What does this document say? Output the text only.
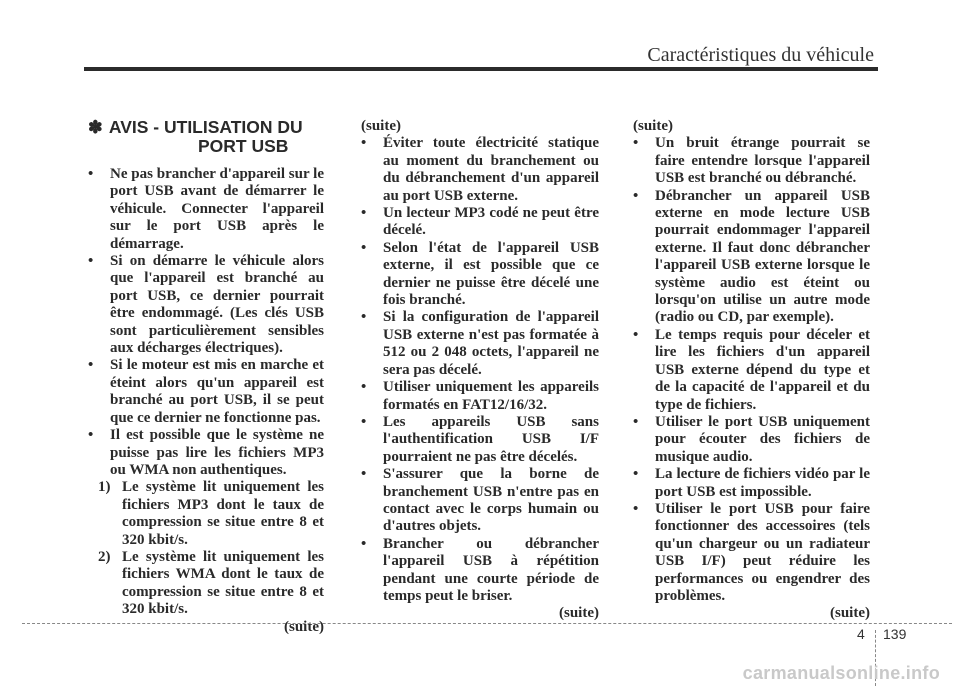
Caractéristiques du véhicule
✽ AVIS - UTILISATION DU
PORT USB
• Ne pas brancher d'appareil sur le port USB avant de démarrer le véhicule. Connecter l'appareil sur le port USB après le démarrage.
• Si on démarre le véhicule alors que l'appareil est branché au port USB, ce dernier pourrait être endommagé. (Les clés USB sont particulièrement sensibles aux décharges électriques).
• Si le moteur est mis en marche et éteint alors qu'un appareil est branché au port USB, il se peut que ce dernier ne fonctionne pas.
• Il est possible que le système ne puisse pas lire les fichiers MP3 ou WMA non authentiques.
1) Le système lit uniquement les fichiers MP3 dont le taux de compression se situe entre 8 et 320 kbit/s.
2) Le système lit uniquement les fichiers WMA dont le taux de compression se situe entre 8 et 320 kbit/s.
(suite)
(suite)
• Éviter toute électricité statique au moment du branchement ou du débranchement d'un appareil au port USB externe.
• Un lecteur MP3 codé ne peut être décelé.
• Selon l'état de l'appareil USB externe, il est possible que ce dernier ne puisse être décelé une fois branché.
• Si la configuration de l'appareil USB externe n'est pas formatée à 512 ou 2 048 octets, l'appareil ne sera pas décelé.
• Utiliser uniquement les appareils formatés en FAT12/16/32.
• Les appareils USB sans l'authentification USB I/F pourraient ne pas être décelés.
• S'assurer que la borne de branchement USB n'entre pas en contact avec le corps humain ou d'autres objets.
• Brancher ou débrancher l'appareil USB à répétition pendant une courte période de temps peut le briser.
(suite)
(suite)
• Un bruit étrange pourrait se faire entendre lorsque l'appareil USB est branché ou débranché.
• Débrancher un appareil USB externe en mode lecture USB pourrait endommager l'appareil externe. Il faut donc débrancher l'appareil USB externe lorsque le système audio est éteint ou lorsqu'on utilise un autre mode (radio ou CD, par exemple).
• Le temps requis pour déceler et lire les fichiers d'un appareil USB externe dépend du type et de la capacité de l'appareil et du type de fichiers.
• Utiliser le port USB uniquement pour écouter des fichiers de musique audio.
• La lecture de fichiers vidéo par le port USB est impossible.
• Utiliser le port USB pour faire fonctionner des accessoires (tels qu'un chargeur ou un radiateur USB I/F) peut réduire les performances ou engendrer des problèmes.
(suite)
4 139
carmanualsonline.info
